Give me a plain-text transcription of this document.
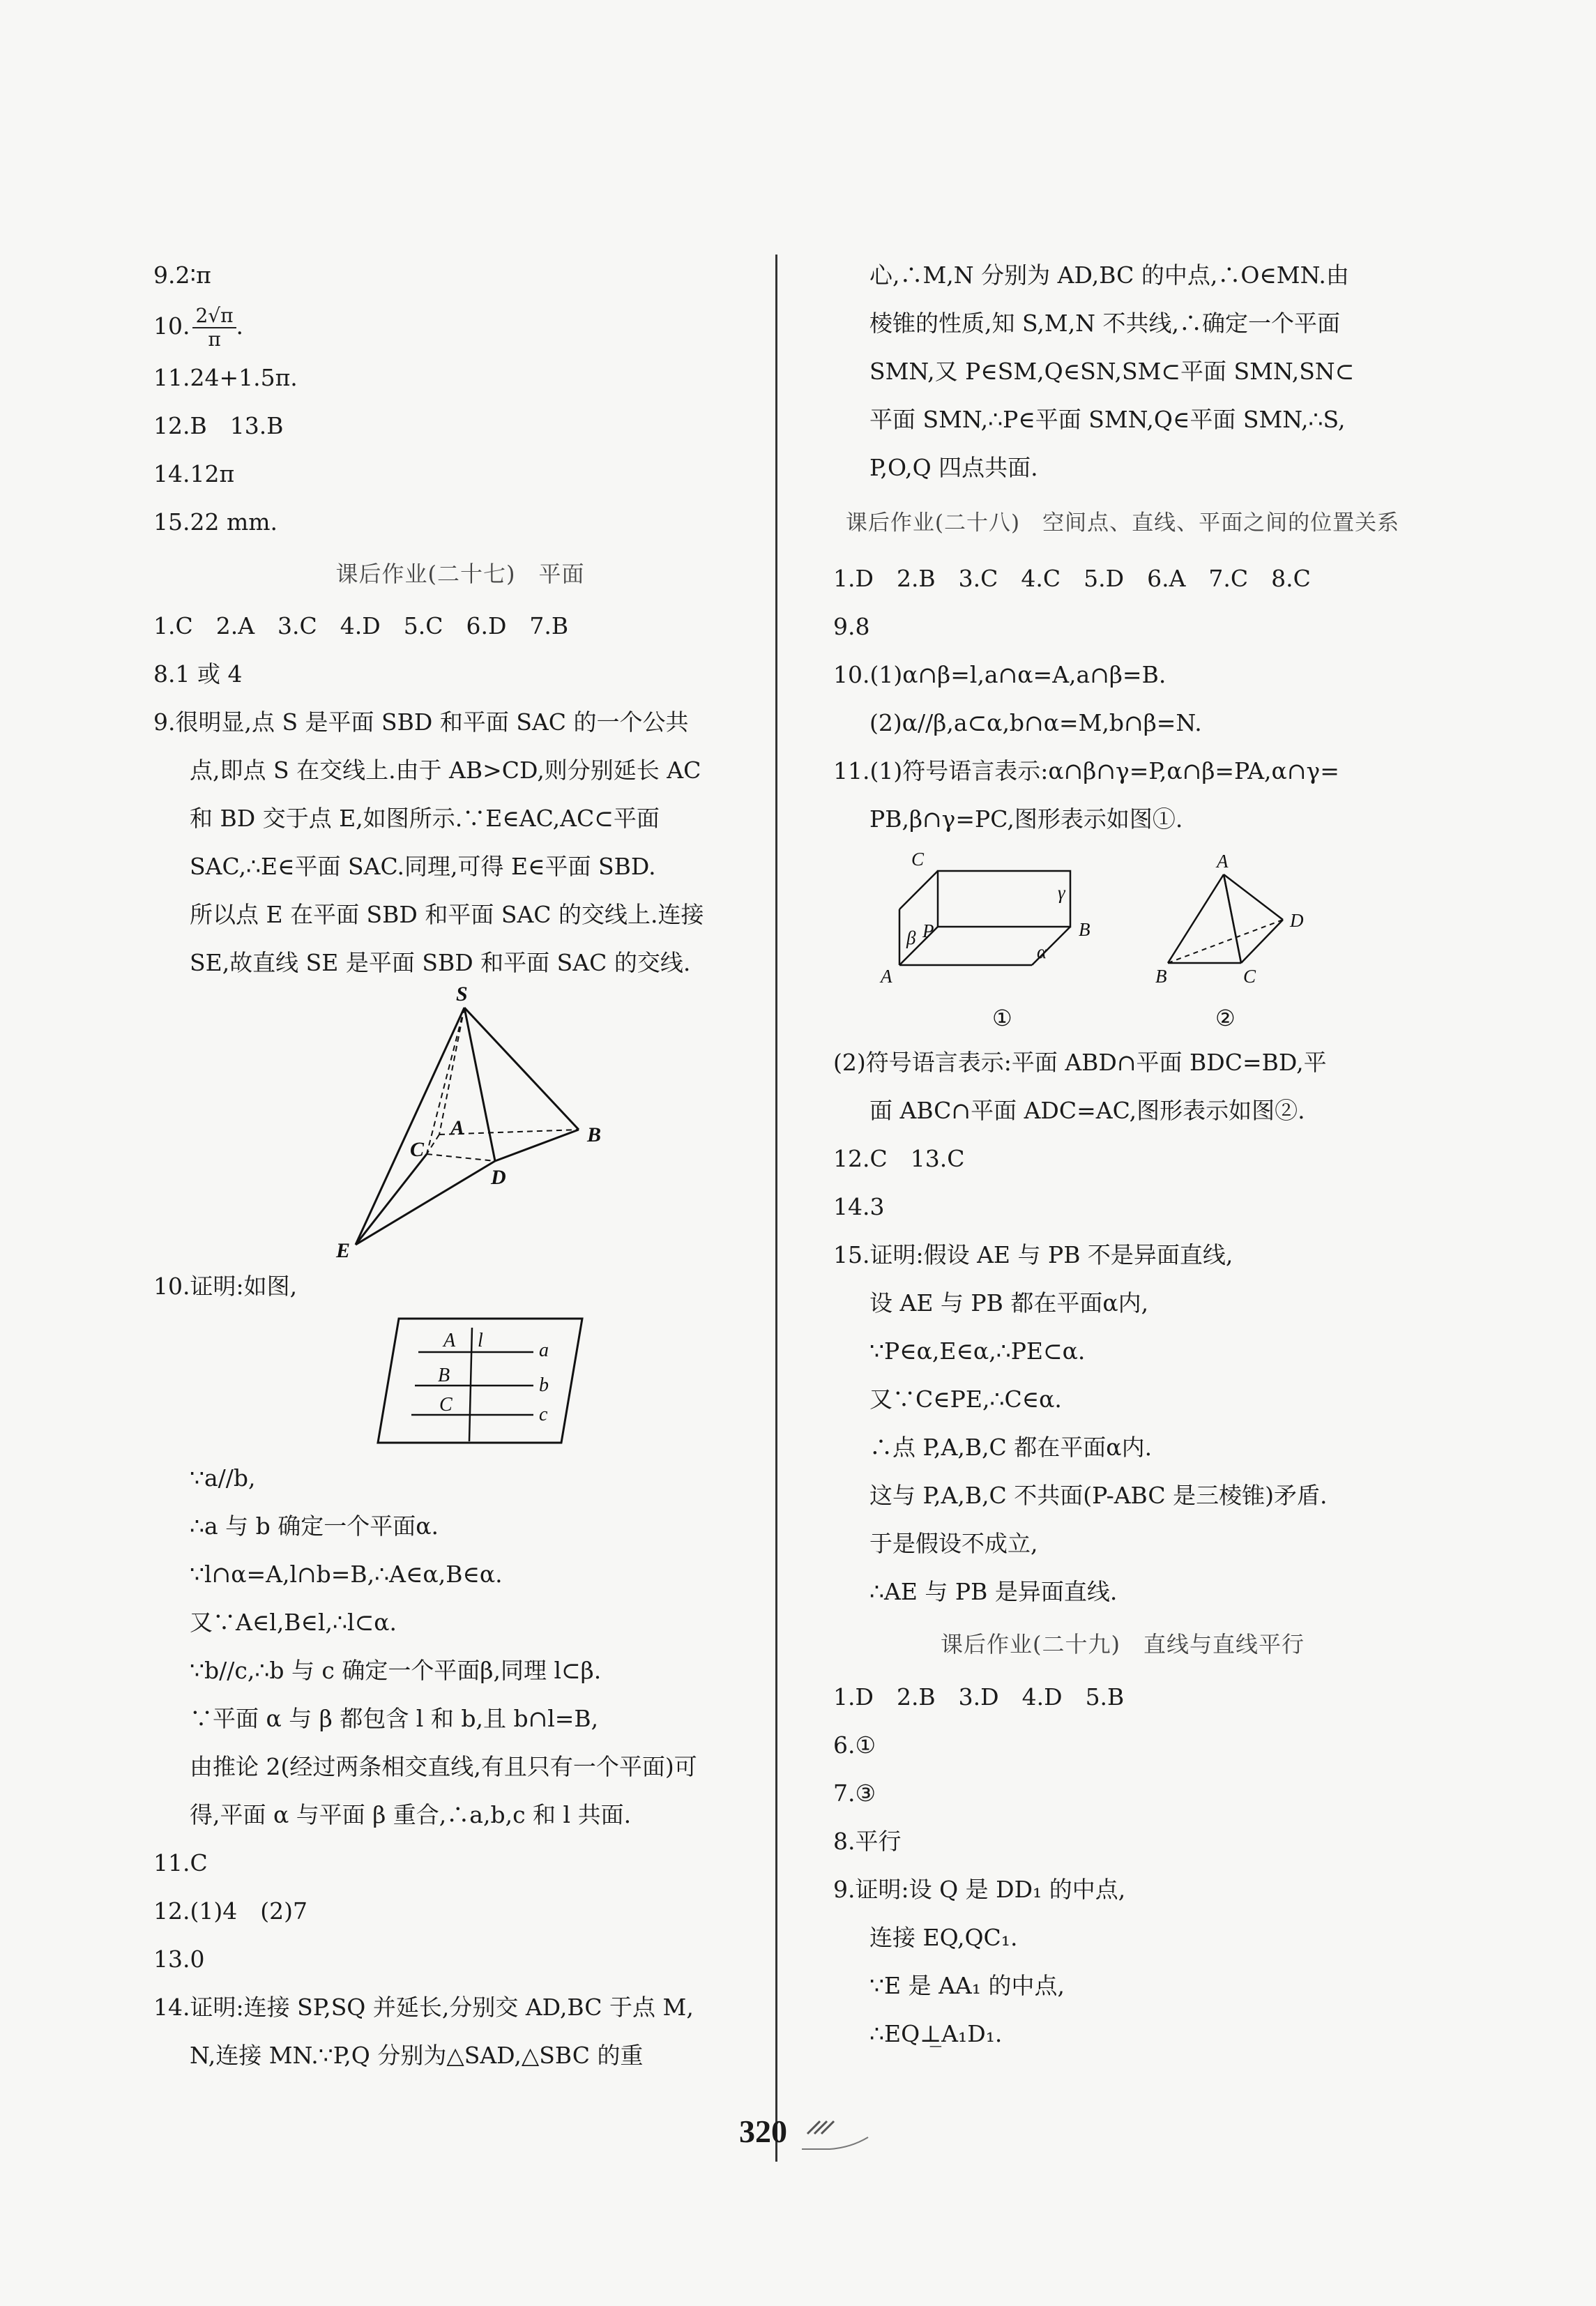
9.2∶π
10. $\frac{2√\pi}{\pi}$ .
11.24+1.5π.
12.B　13.B
14.12π
15.22 mm.
课后作业(二十七)　平面
1.C　2.A　3.C　4.D　5.C　6.D　7.B
8.1 或 4
9.很明显,点 S 是平面 SBD 和平面 SAC 的一个公共
点,即点 S 在交线上.由于 AB>CD,则分别延长 AC
和 BD 交于点 E,如图所示.∵E∈AC,AC⊂平面
SAC,∴E∈平面 SAC.同理,可得 E∈平面 SBD.
所以点 E 在平面 SBD 和平面 SAC 的交线上.连接
SE,故直线 SE 是平面 SBD 和平面 SAC 的交线.
S
A	B
C
D
E
10.证明:如图,
A l	a
B	b
C	c
∵a//b,
∴a 与 b 确定一个平面α.
∵l∩α=A,l∩b=B,∴A∈α,B∈α.
又∵A∈l,B∈l,∴l⊂α.
∵b//c,∴b 与 c 确定一个平面β,同理 l⊂β.
∵平面 α 与 β 都包含 l 和 b,且 b∩l=B,
由推论 2(经过两条相交直线,有且只有一个平面)可
得,平面 α 与平面 β 重合,∴a,b,c 和 l 共面.
11.C
12.(1)4　(2)7
13.0
14.证明:连接 SP,SQ 并延长,分别交 AD,BC 于点 M,
N,连接 MN.∵P,Q 分别为△SAD,△SBC 的重
心,∴M,N 分别为 AD,BC 的中点,∴O∈MN.由
棱锥的性质,知 S,M,N 不共线,∴确定一个平面
SMN,又 P∈SM,Q∈SN,SM⊂平面 SMN,SN⊂
平面 SMN,∴P∈平面 SMN,Q∈平面 SMN,∴S,
P,O,Q 四点共面.
课后作业(二十八)　空间点、直线、平面之间的位置关系
1.D　2.B　3.C　4.C　5.D　6.A　7.C　8.C
9.8
10.(1)α∩β=l,a∩α=A,a∩β=B.
(2)α//β,a⊂α,b∩α=M,b∩β=N.
11.(1)符号语言表示:α∩β∩γ=P,α∩β=PA,α∩γ=
PB,β∩γ=PC,图形表示如图①.
C
γ
B
β P
α
A
①
A
D
B	C
②
(2)符号语言表示:平面 ABD∩平面 BDC=BD,平
面 ABC∩平面 ADC=AC,图形表示如图②.
12.C　13.C
14.3
15.证明:假设 AE 与 PB 不是异面直线,
设 AE 与 PB 都在平面α内,
∵P∈α,E∈α,∴PE⊂α.
又∵C∈PE,∴C∈α.
∴点 P,A,B,C 都在平面α内.
这与 P,A,B,C 不共面(P-ABC 是三棱锥)矛盾.
于是假设不成立,
∴AE 与 PB 是异面直线.
课后作业(二十九)　直线与直线平行
1.D　2.B　3.D　4.D　5.B
6.①
7.③
8.平行
9.证明:设 Q 是 DD₁ 的中点,
连接 EQ,QC₁.
∵E 是 AA₁ 的中点,
∴EQ⊥̲A₁D₁.
320
